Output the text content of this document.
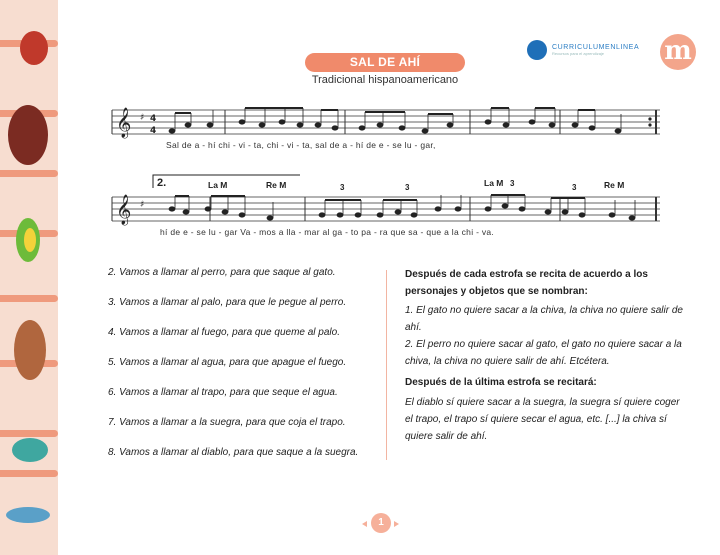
SAL DE AHÍ
Tradicional hispanoamericano
CURRICULUMENLINEA
Recursos para el aprendizaje	m
𝄞
𝄞
♯
♯
4
4
2.	3	3	3	3
La M	Re M	La M	Re M
Sal de a - hí chi - vi - ta, chi - vi - ta, sal de a - hí de e - se lu - gar,
hí de e - se lu - gar Va - mos a lla - mar al ga - to pa - ra que sa - que a la chi - va.
2. Vamos a llamar al perro, para que saque al gato.
3. Vamos a llamar al palo, para que le pegue al perro.
4. Vamos a llamar al fuego, para que queme al palo.
5. Vamos a llamar al agua, para que apague el fuego.
6. Vamos a llamar al trapo, para que seque el agua.
7. Vamos a llamar a la suegra, para que coja el trapo.
8. Vamos a llamar al diablo, para que saque a la suegra.
Después de cada estrofa se recita de acuerdo a los personajes y objetos que se nombran:
1. El gato no quiere sacar a la chiva, la chiva no quiere salir de ahí.
2. El perro no quiere sacar al gato, el gato no quiere sacar a la chiva, la chiva no quiere salir de ahí. Etcétera.
Después de la última estrofa se recitará:
El diablo sí quiere sacar a la suegra, la suegra sí quiere coger el trapo, el trapo sí quiere secar el agua, etc. [...] la chiva sí quiere salir de ahí.
1
